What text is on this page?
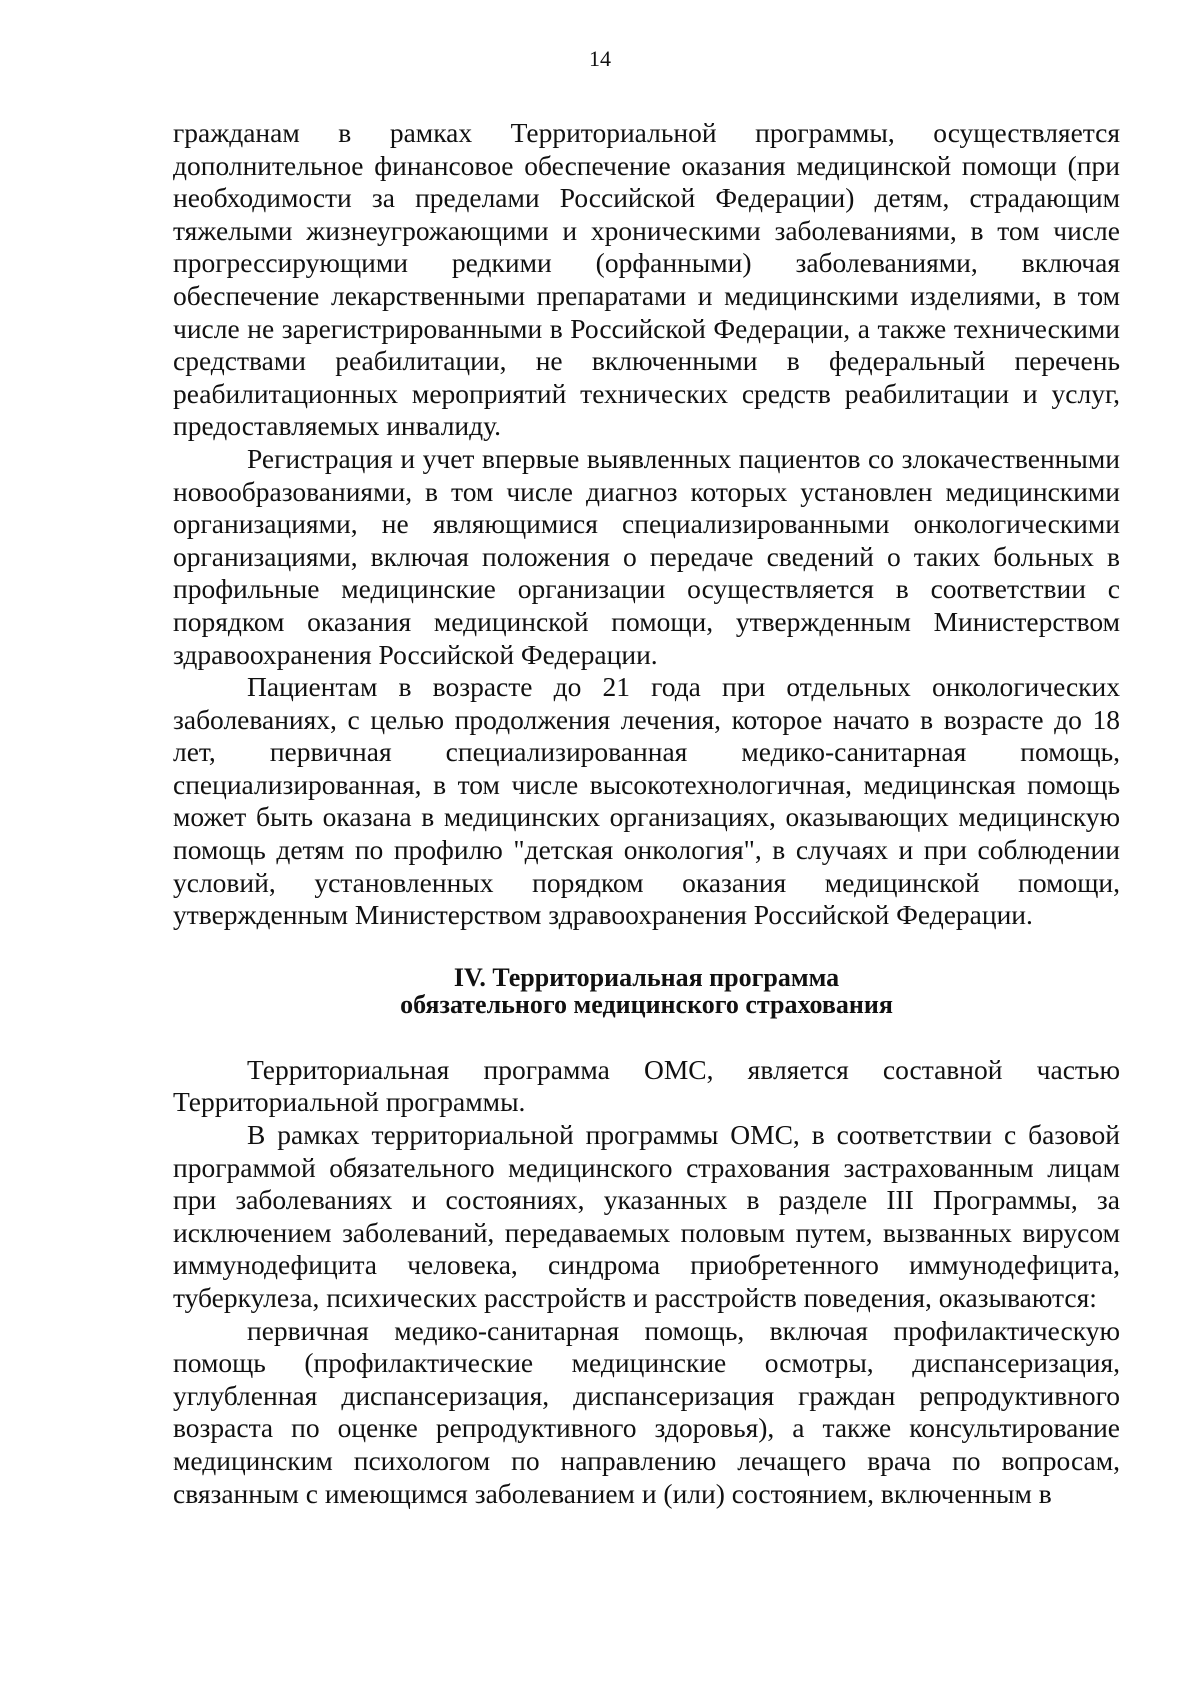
14

гражданам в рамках Территориальной программы, осуществляется дополнительное финансовое обеспечение оказания медицинской помощи (при необходимости за пределами Российской Федерации) детям, страдающим тяжелыми жизнеугрожающими и хроническими заболеваниями, в том числе прогрессирующими редкими (орфанными) заболеваниями, включая обеспечение лекарственными препаратами и медицинскими изделиями, в том числе не зарегистрированными в Российской Федерации, а также техническими средствами реабилитации, не включенными в федеральный перечень реабилитационных мероприятий технических средств реабилитации и услуг, предоставляемых инвалиду.

Регистрация и учет впервые выявленных пациентов со злокачественными новообразованиями, в том числе диагноз которых установлен медицинскими организациями, не являющимися специализированными онкологическими организациями, включая положения о передаче сведений о таких больных в профильные медицинские организации осуществляется в соответствии с порядком оказания медицинской помощи, утвержденным Министерством здравоохранения Российской Федерации.

Пациентам в возрасте до 21 года при отдельных онкологических заболеваниях, с целью продолжения лечения, которое начато в возрасте до 18 лет, первичная специализированная медико-санитарная помощь, специализированная, в том числе высокотехнологичная, медицинская помощь может быть оказана в медицинских организациях, оказывающих медицинскую помощь детям по профилю "детская онкология", в случаях и при соблюдении условий, установленных порядком оказания медицинской помощи, утвержденным Министерством здравоохранения Российской Федерации.

IV. Территориальная программа
обязательного медицинского страхования

Территориальная программа ОМС, является составной частью Территориальной программы.

В рамках территориальной программы ОМС, в соответствии с базовой программой обязательного медицинского страхования застрахованным лицам при заболеваниях и состояниях, указанных в разделе III Программы, за исключением заболеваний, передаваемых половым путем, вызванных вирусом иммунодефицита человека, синдрома приобретенного иммунодефицита, туберкулеза, психических расстройств и расстройств поведения, оказываются:

первичная медико-санитарная помощь, включая профилактическую помощь (профилактические медицинские осмотры, диспансеризация, углубленная диспансеризация, диспансеризация граждан репродуктивного возраста по оценке репродуктивного здоровья), а также консультирование медицинским психологом по направлению лечащего врача по вопросам, связанным с имеющимся заболеванием и (или) состоянием, включенным в
